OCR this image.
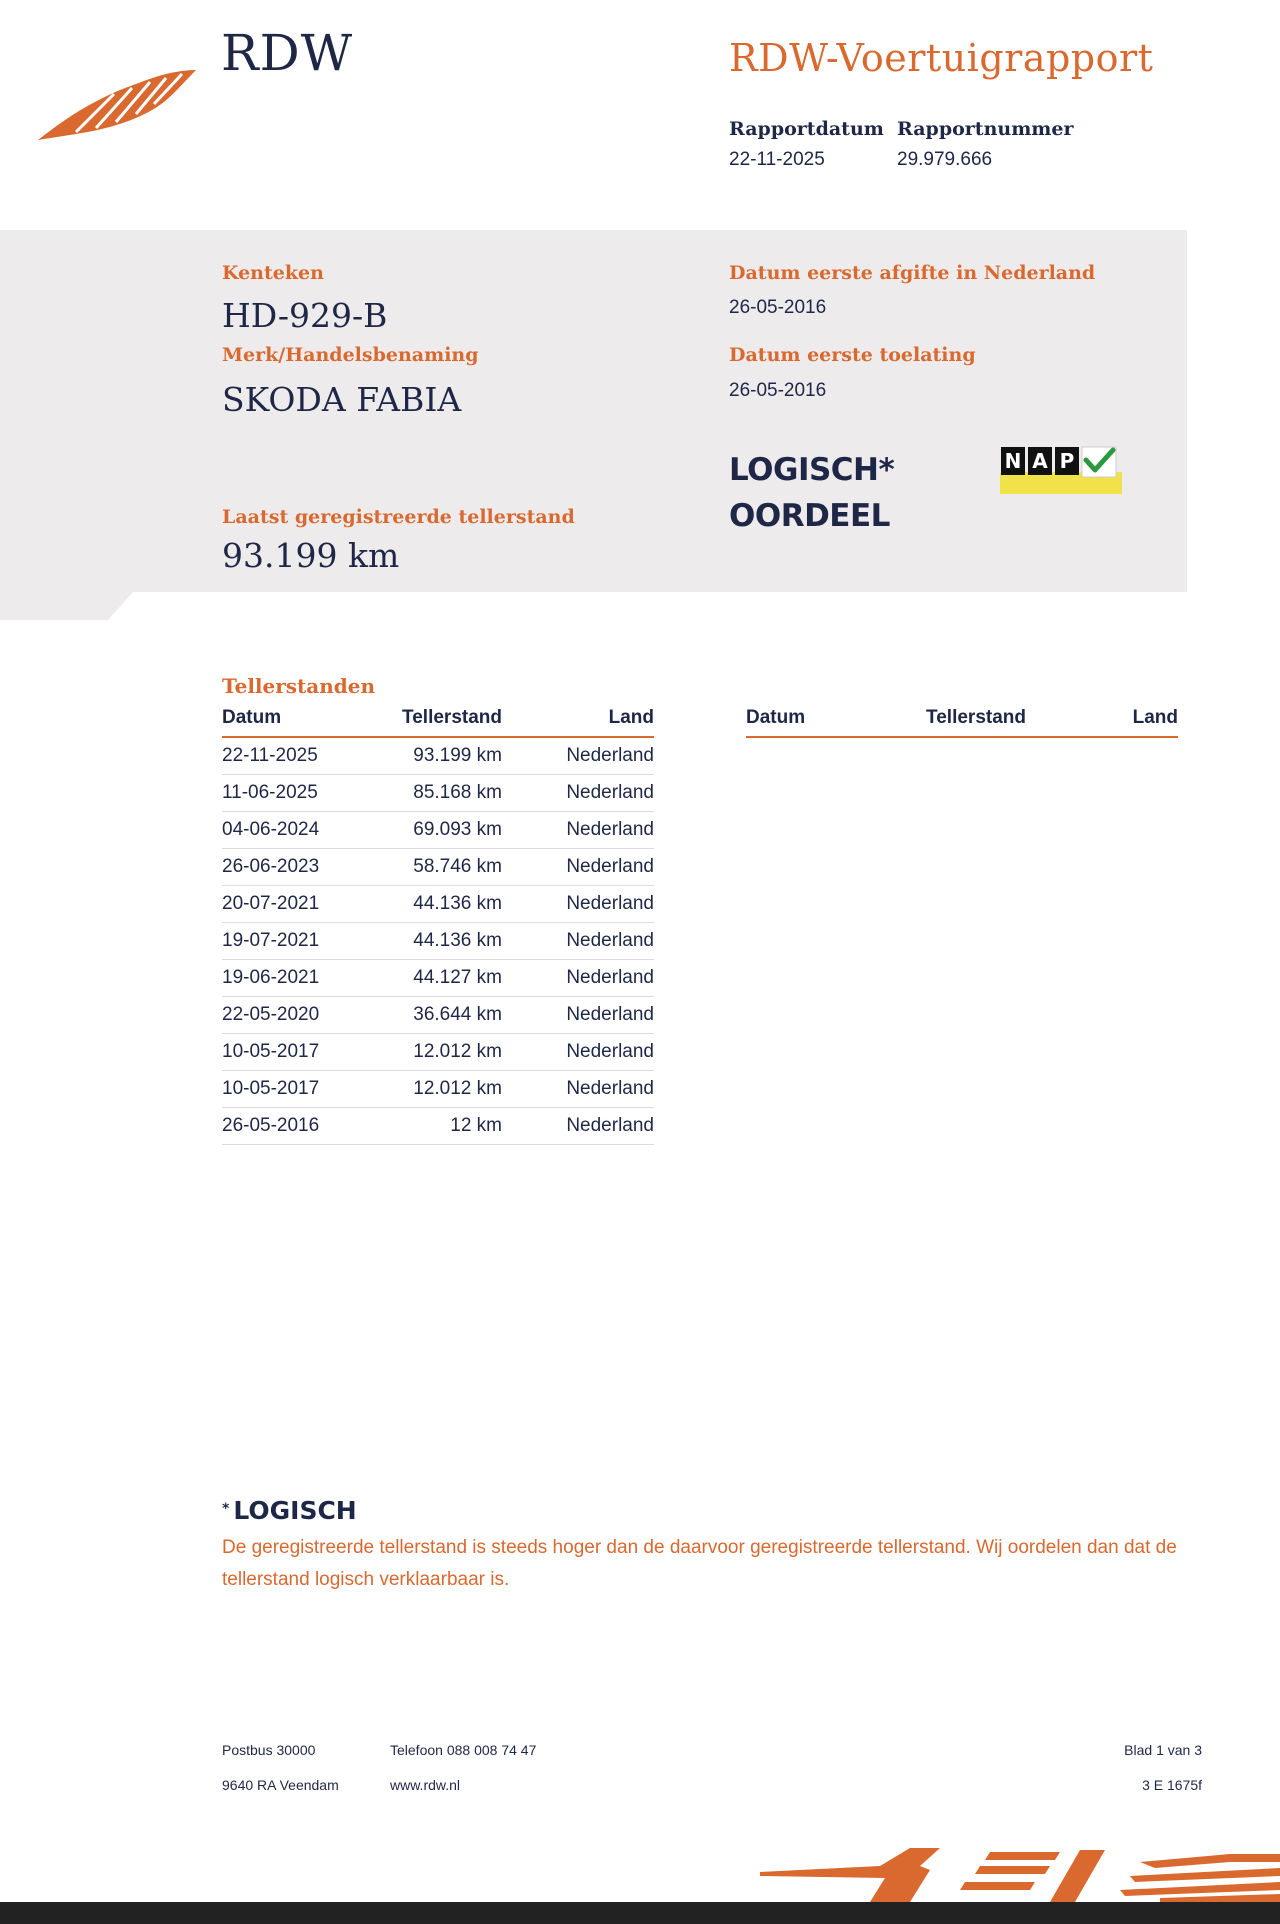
RDW	RDW-Voertuigrapport
Rapportdatum
22-11-2025
Rapportnummer
29.979.666
Kenteken
HD-929-B
Merk/Handelsbenaming
SKODA FABIA
Laatst geregistreerde tellerstand
93.199 km
Datum eerste afgifte in Nederland
26-05-2016
Datum eerste toelating
26-05-2016
LOGISCH*
OORDEEL
N A P
Tellerstanden
Datum	Tellerstand	Land
22-11-2025	93.199 km	Nederland
11-06-2025	85.168 km	Nederland
04-06-2024	69.093 km	Nederland
26-06-2023	58.746 km	Nederland
20-07-2021	44.136 km	Nederland
19-07-2021	44.136 km	Nederland
19-06-2021	44.127 km	Nederland
22-05-2020	36.644 km	Nederland
10-05-2017	12.012 km	Nederland
10-05-2017	12.012 km	Nederland
26-05-2016	12 km	Nederland
Datum	Tellerstand	Land
* LOGISCH
De geregistreerde tellerstand is steeds hoger dan de daarvoor geregistreerde tellerstand. Wij oordelen dan dat de tellerstand logisch verklaarbaar is.
Postbus 30000
9640 RA Veendam
Telefoon 088 008 74 47
www.rdw.nl
Blad 1 van 3
3 E 1675f
